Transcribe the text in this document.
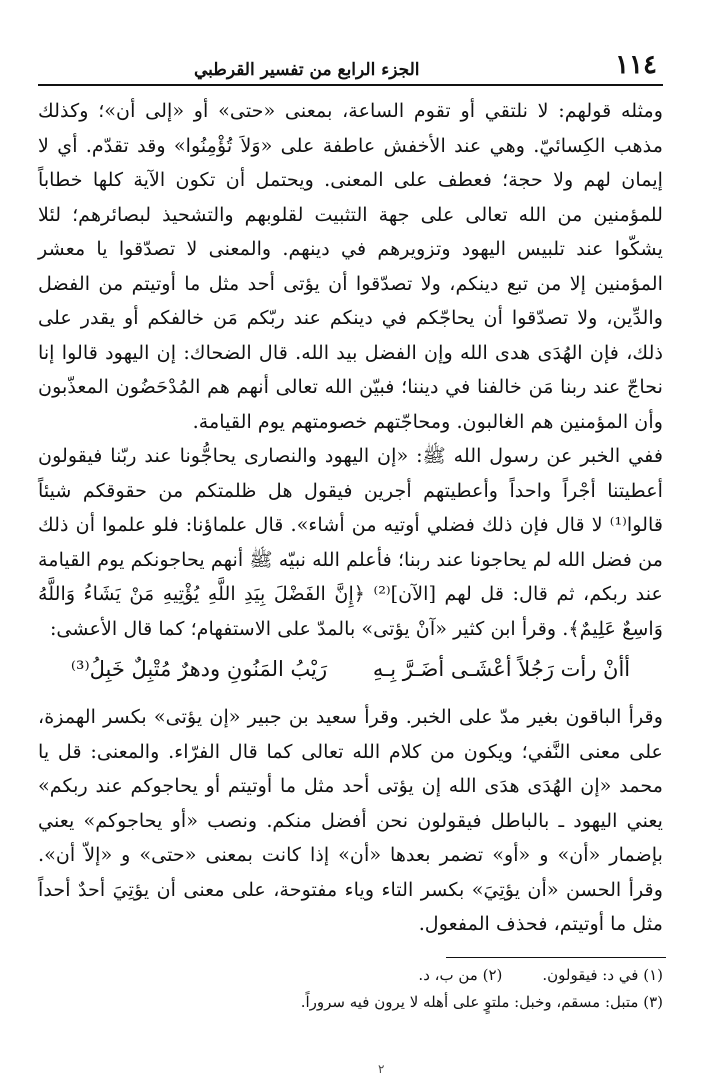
١١٤
الجزء الرابع من تفسير القرطبي

ومثله قولهم: لا نلتقي أو تقوم الساعة، بمعنى «حتى» أو «إلى أن»؛ وكذلك مذهب الكِسائيّ. وهي عند الأخفش عاطفة على «وَلاَ تُؤْمِنُوا» وقد تقدّم. أي لا إيمان لهم ولا حجة؛ فعطف على المعنى. ويحتمل أن تكون الآية كلها خطاباً للمؤمنين من الله تعالى على جهة التثبيت لقلوبهم والتشحيذ لبصائرهم؛ لئلا يشكّوا عند تلبيس اليهود وتزويرهم في دينهم. والمعنى لا تصدّقوا يا معشر المؤمنين إلا من تبع دينكم، ولا تصدّقوا أن يؤتى أحد مثل ما أوتيتم من الفضل والدِّين، ولا تصدّقوا أن يحاجّكم في دينكم عند ربّكم مَن خالفكم أو يقدر على ذلك، فإن الهُدَى هدى الله وإن الفضل بيد الله. قال الضحاك: إن اليهود قالوا إنا نحاجّ عند ربنا مَن خالفنا في ديننا؛ فبيّن الله تعالى أنهم هم المُدْحَضُون المعذّبون وأن المؤمنين هم الغالبون. ومحاجّتهم خصومتهم يوم القيامة.

ففي الخبر عن رسول الله ﷺ: «إن اليهود والنصارى يحاجُّونا عند ربّنا فيقولون أعطيتنا أجْراً واحداً وأعطيتهم أجرين فيقول هل ظلمتكم من حقوقكم شيئاً قالوا⁽¹⁾ لا قال فإن ذلك فضلي أوتيه من أشاء». قال علماؤنا: فلو علموا أن ذلك من فضل الله لم يحاجونا عند ربنا؛ فأعلم الله نبيّه ﷺ أنهم يحاجونكم يوم القيامة عند ربكم، ثم قال: قل لهم [الآن]⁽²⁾ ﴿إِنَّ الفَضْلَ بِيَدِ اللَّهِ يُؤْتِيهِ مَنْ يَشَاءُ وَاللَّهُ وَاسِعٌ عَلِيمٌ﴾. وقرأ ابن كثير «آنْ يؤتى» بالمدّ على الاستفهام؛ كما قال الأعشى:

أأنْ رأت رَجُلاً أعْشَـى أضَـرَّ بِـهِ
رَيْبُ المَنُونِ ودهرٌ مُتْبِلٌ خَبِلُ⁽³⁾

وقرأ الباقون بغير مدّ على الخبر. وقرأ سعيد بن جبير «إن يؤتى» بكسر الهمزة، على معنى النَّفي؛ ويكون من كلام الله تعالى كما قال الفرّاء. والمعنى: قل يا محمد «إن الهُدَى هدَى الله إن يؤتى أحد مثل ما أوتيتم أو يحاجوكم عند ربكم» يعني اليهود ـ بالباطل فيقولون نحن أفضل منكم. ونصب «أو يحاجوكم» يعني بإضمار «أن» و «أو» تضمر بعدها «أن» إذا كانت بمعنى «حتى» و «إلاّ أن». وقرأ الحسن «أن يؤتِيَ» بكسر التاء وياء مفتوحة، على معنى أن يؤتِيَ أحدٌ أحداً مثل ما أوتيتم، فحذف المفعول.

(١) في د: فيقولون.
(٢) من ب، د.
(٣) متبل: مسقم، وخبل: ملتوٍ على أهله لا يرون فيه سروراً.
٢
